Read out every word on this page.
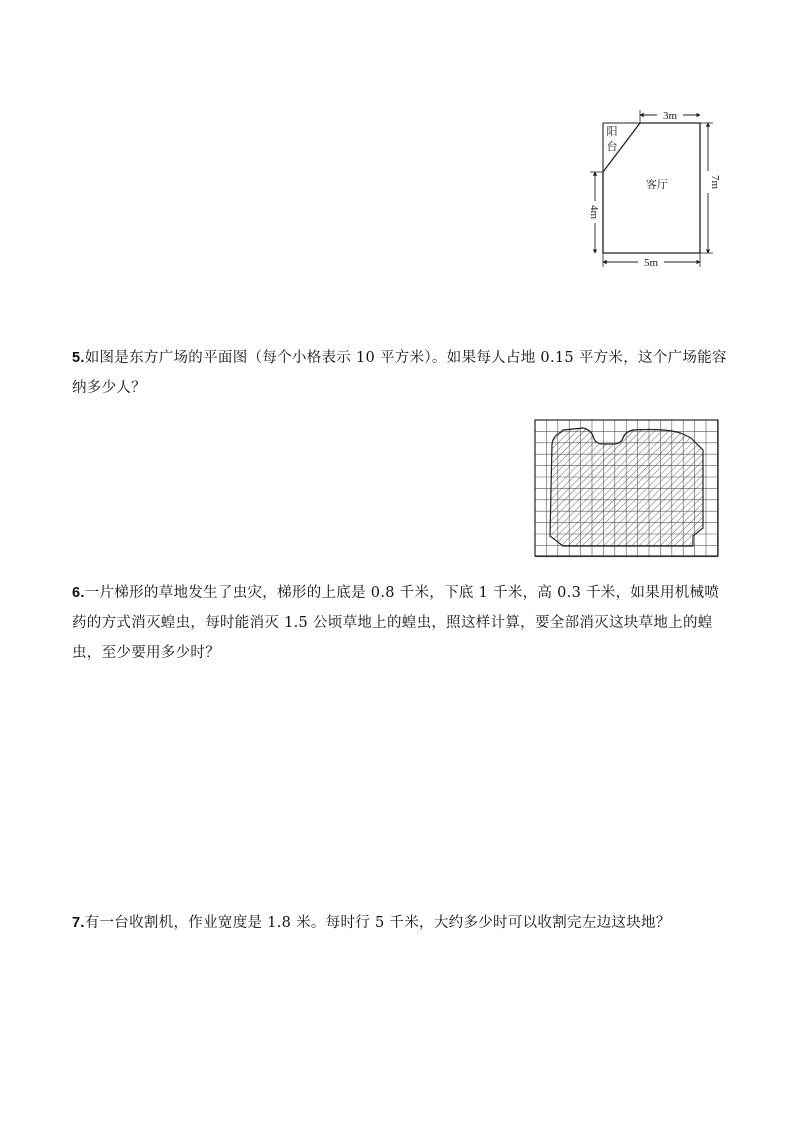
3m
7m
4m
5m
阳台
客厅
5.如图是东方广场的平面图（每个小格表示 10 平方米）。如果每人占地 0.15 平方米，这个广场能容纳多少人？
6.一片梯形的草地发生了虫灾，梯形的上底是 0.8 千米，下底 1 千米，高 0.3 千米，如果用机械喷药的方式消灭蝗虫，每时能消灭 1.5 公顷草地上的蝗虫，照这样计算，要全部消灭这块草地上的蝗虫，至少要用多少时？
7.有一台收割机，作业宽度是 1.8 米。每时行 5 千米，大约多少时可以收割完左边这块地？
